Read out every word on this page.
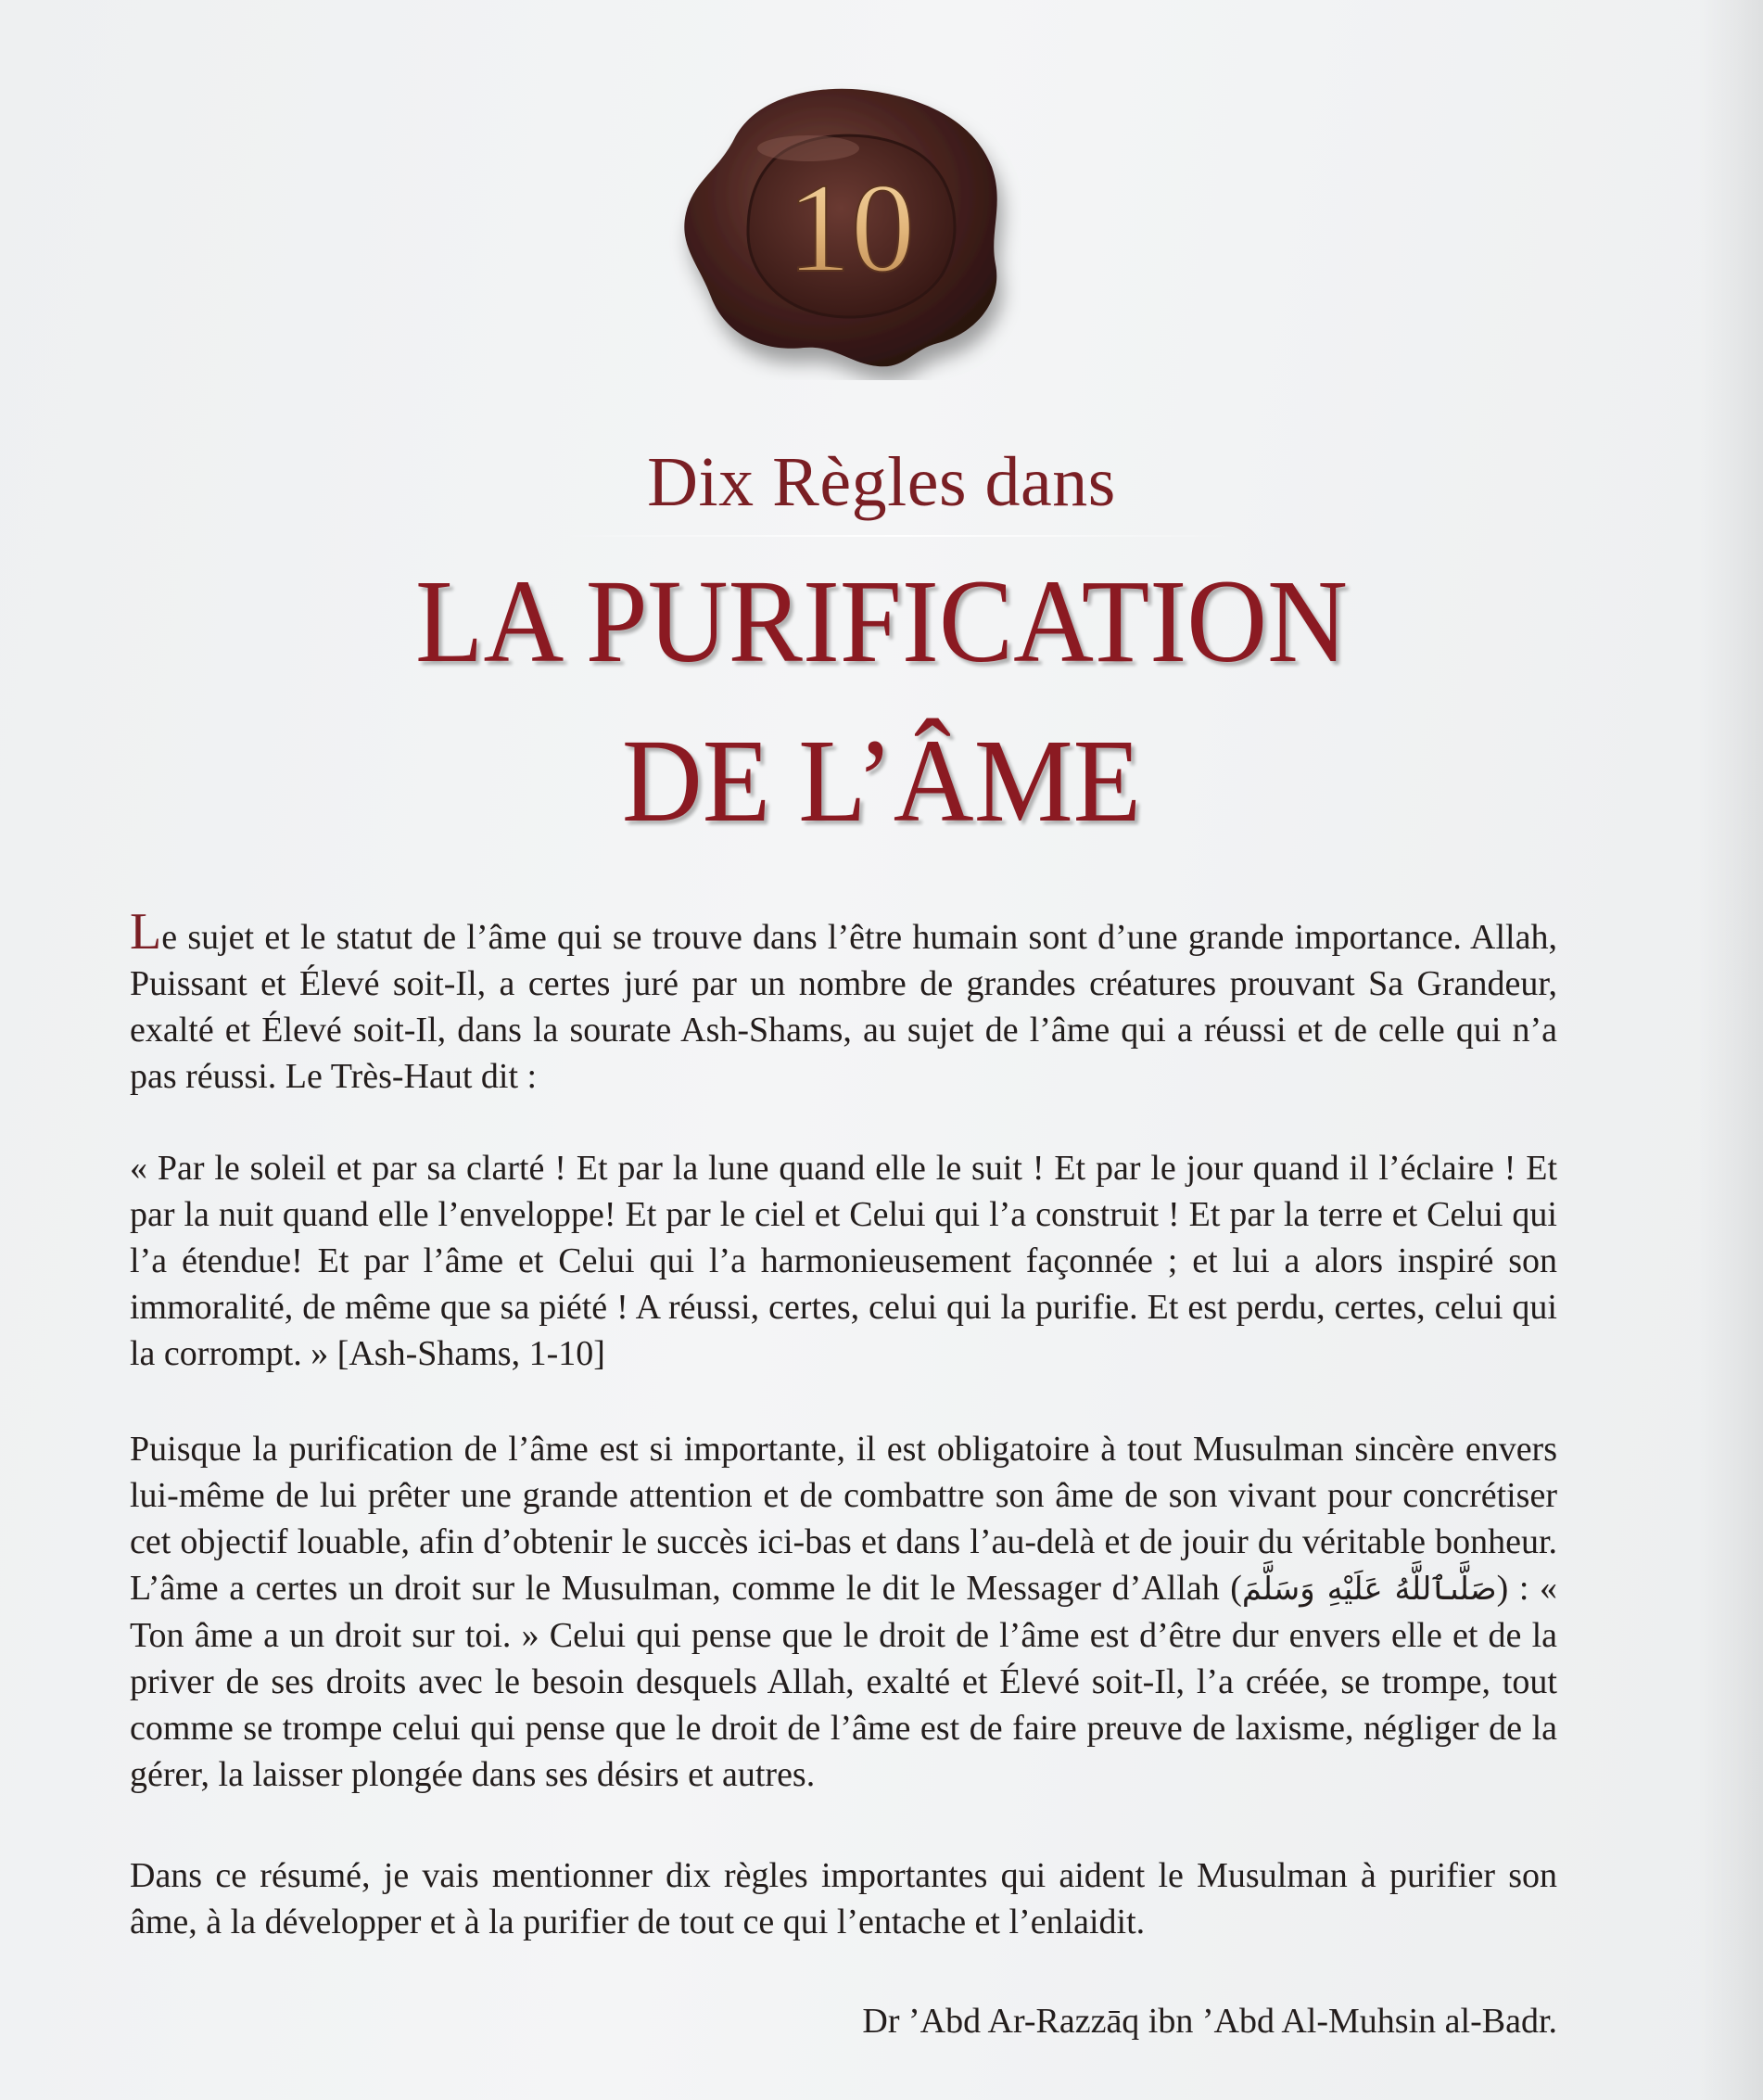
10
Dix Règles dans
LA PURIFICATION
DE L’ÂME

Le sujet et le statut de l’âme qui se trouve dans l’être humain sont d’une grande importance. Allah, Puissant et Élevé soit-Il, a certes juré par un nombre de grandes créatures prouvant Sa Grandeur, exalté et Élevé soit-Il, dans la sourate Ash-Shams, au sujet de l’âme qui a réussi et de celle qui n’a pas réussi. Le Très-Haut dit :

« Par le soleil et par sa clarté ! Et par la lune quand elle le suit ! Et par le jour quand il l’éclaire ! Et par la nuit quand elle l’enveloppe! Et par le ciel et Celui qui l’a construit ! Et par la terre et Celui qui l’a étendue! Et par l’âme et Celui qui l’a harmonieusement façonnée ; et lui a alors inspiré son immoralité, de même que sa piété ! A réussi, certes, celui qui la purifie. Et est perdu, certes, celui qui la corrompt. » [Ash-Shams, 1-10]

Puisque la purification de l’âme est si importante, il est obligatoire à tout Musulman sincère envers lui-même de lui prêter une grande attention et de combattre son âme de son vivant pour concrétiser cet objectif louable, afin d’obtenir le succès ici-bas et dans l’au-delà et de jouir du véritable bonheur. L’âme a certes un droit sur le Musulman, comme le dit le Messager d’Allah (صَلَّىٱللَّهُ عَلَيْهِ وَسَلَّمَ) : « Ton âme a un droit sur toi. » Celui qui pense que le droit de l’âme est d’être dur envers elle et de la priver de ses droits avec le besoin desquels Allah, exalté et Élevé soit-Il, l’a créée, se trompe, tout comme se trompe celui qui pense que le droit de l’âme est de faire preuve de laxisme, négliger de la gérer, la laisser plongée dans ses désirs et autres.

Dans ce résumé, je vais mentionner dix règles importantes qui aident le Musulman à purifier son âme, à la développer et à la purifier de tout ce qui l’entache et l’enlaidit.

Dr ’Abd Ar-Razzāq ibn ’Abd Al-Muhsin al-Badr.
